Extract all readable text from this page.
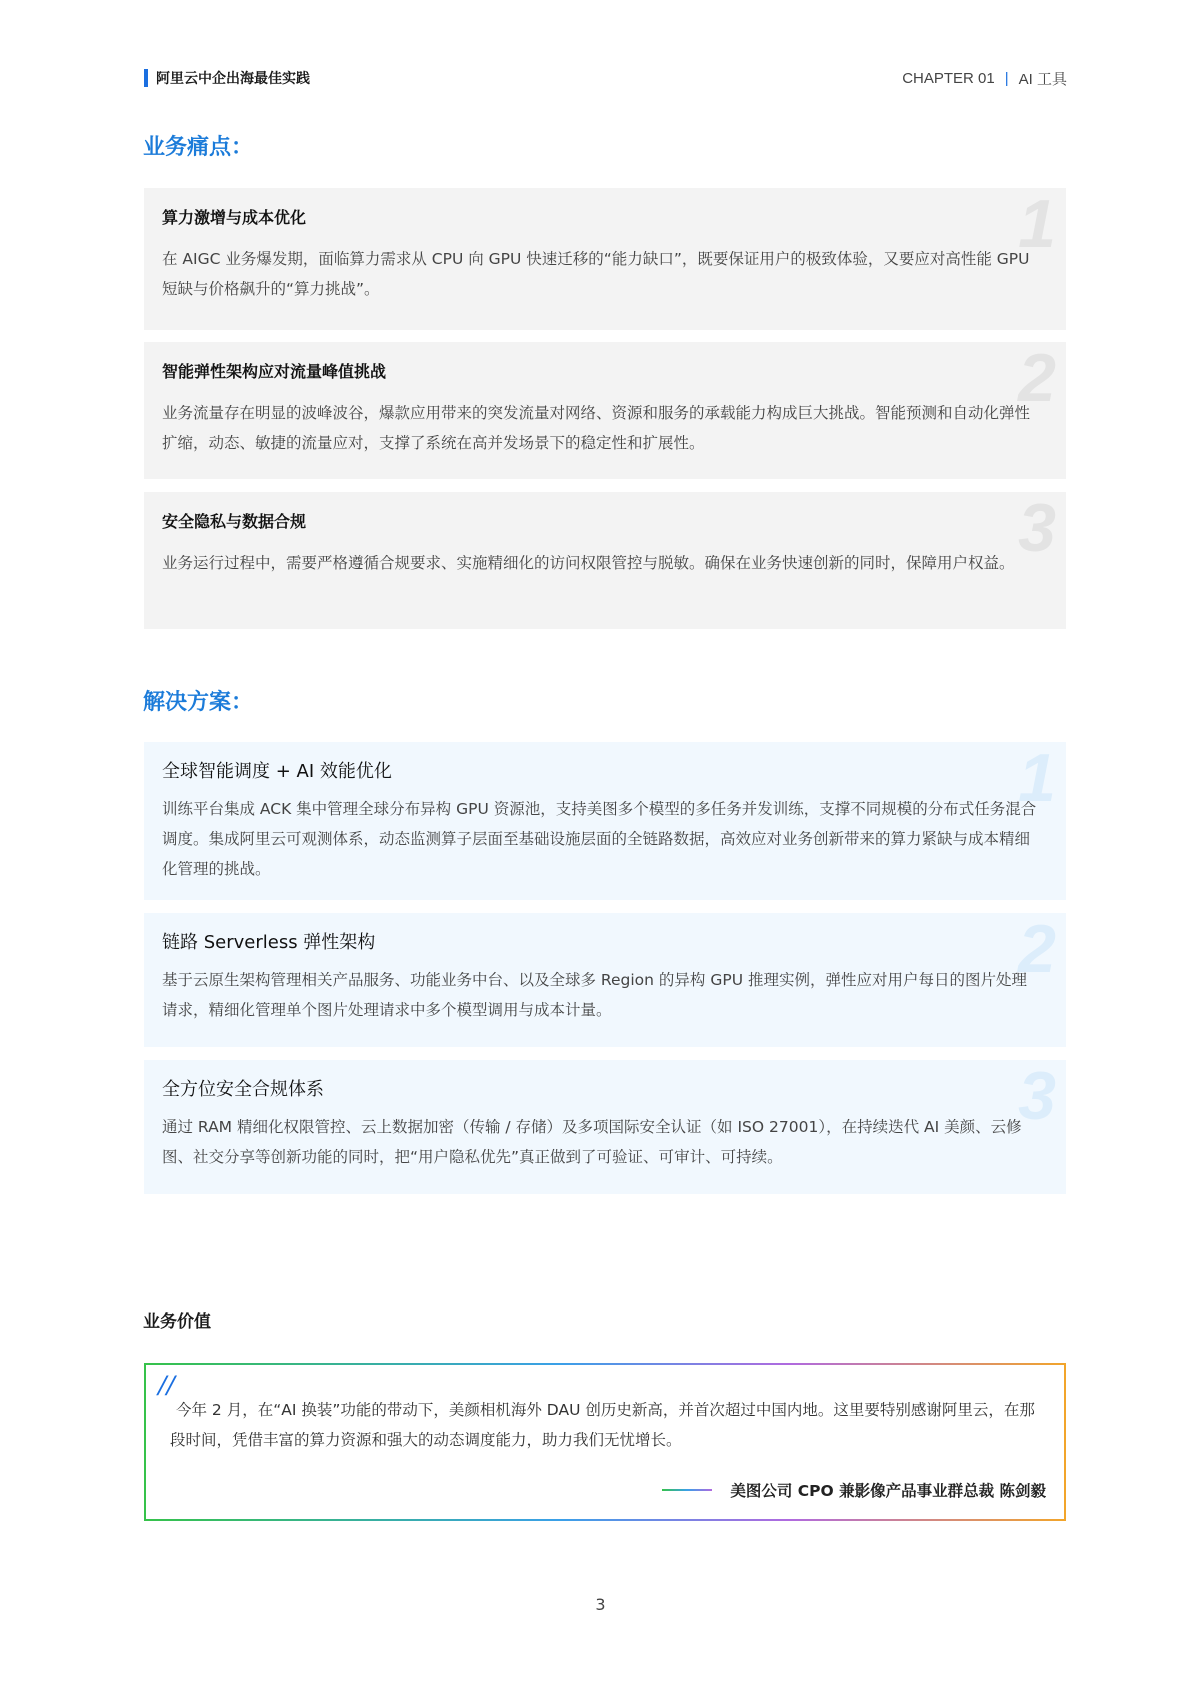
阿里云中企出海最佳实践	CHAPTER 01 | AI 工具
业务痛点：
1
算力激增与成本优化
在 AIGC 业务爆发期，面临算力需求从 CPU 向 GPU 快速迁移的“能力缺口”，既要保证用户的极致体验，又要应对高性能 GPU 短缺与价格飙升的“算力挑战”。
2
智能弹性架构应对流量峰值挑战
业务流量存在明显的波峰波谷，爆款应用带来的突发流量对网络、资源和服务的承载能力构成巨大挑战。智能预测和自动化弹性扩缩，动态、敏捷的流量应对，支撑了系统在高并发场景下的稳定性和扩展性。
3
安全隐私与数据合规
业务运行过程中，需要严格遵循合规要求、实施精细化的访问权限管控与脱敏。确保在业务快速创新的同时，保障用户权益。
解决方案：
1
全球智能调度 + AI 效能优化
训练平台集成 ACK 集中管理全球分布异构 GPU 资源池，支持美图多个模型的多任务并发训练，支撑不同规模的分布式任务混合调度。集成阿里云可观测体系，动态监测算子层面至基础设施层面的全链路数据，高效应对业务创新带来的算力紧缺与成本精细化管理的挑战。
2
链路 Serverless 弹性架构
基于云原生架构管理相关产品服务、功能业务中台、以及全球多 Region 的异构 GPU 推理实例，弹性应对用户每日的图片处理请求，精细化管理单个图片处理请求中多个模型调用与成本计量。
3
全方位安全合规体系
通过 RAM 精细化权限管控、云上数据加密（传输 / 存储）及多项国际安全认证（如 ISO 27001），在持续迭代 AI 美颜、云修图、社交分享等创新功能的同时，把“用户隐私优先”真正做到了可验证、可审计、可持续。
业务价值
//
今年 2 月，在“AI 换装”功能的带动下，美颜相机海外 DAU 创历史新高，并首次超过中国内地。这里要特别感谢阿里云，在那段时间，凭借丰富的算力资源和强大的动态调度能力，助力我们无忧增长。
美图公司 CPO 兼影像产品事业群总裁 陈剑毅
3
